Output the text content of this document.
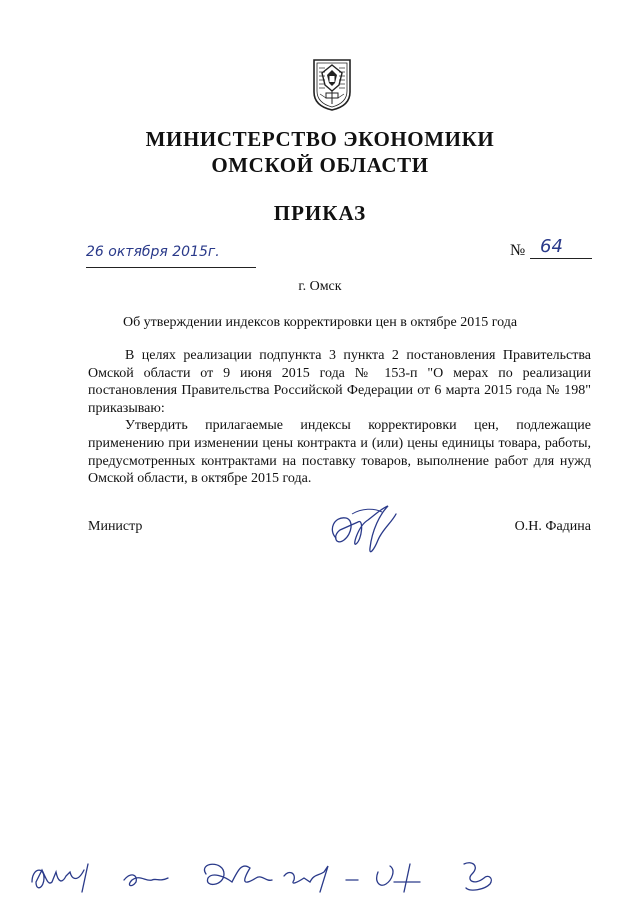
МИНИСТЕРСТВО ЭКОНОМИКИ
ОМСКОЙ ОБЛАСТИ
ПРИКАЗ
26 октября 2015г.	№ 64
г. Омск
Об утверждении индексов корректировки цен в октябре 2015 года

В целях реализации подпункта 3 пункта 2 постановления Правительства Омской области от 9 июня 2015 года № 153-п "О мерах по реализации постановления Правительства Российской Федерации от 6 марта 2015 года № 198" приказываю:

Утвердить прилагаемые индексы корректировки цен, подлежащие применению при изменении цены контракта и (или) цены единицы товара, работы, предусмотренных контрактами на поставку товаров, выполнение работ для нужд Омской области, в октябре 2015 года.

Министр	О.Н. Фадина
